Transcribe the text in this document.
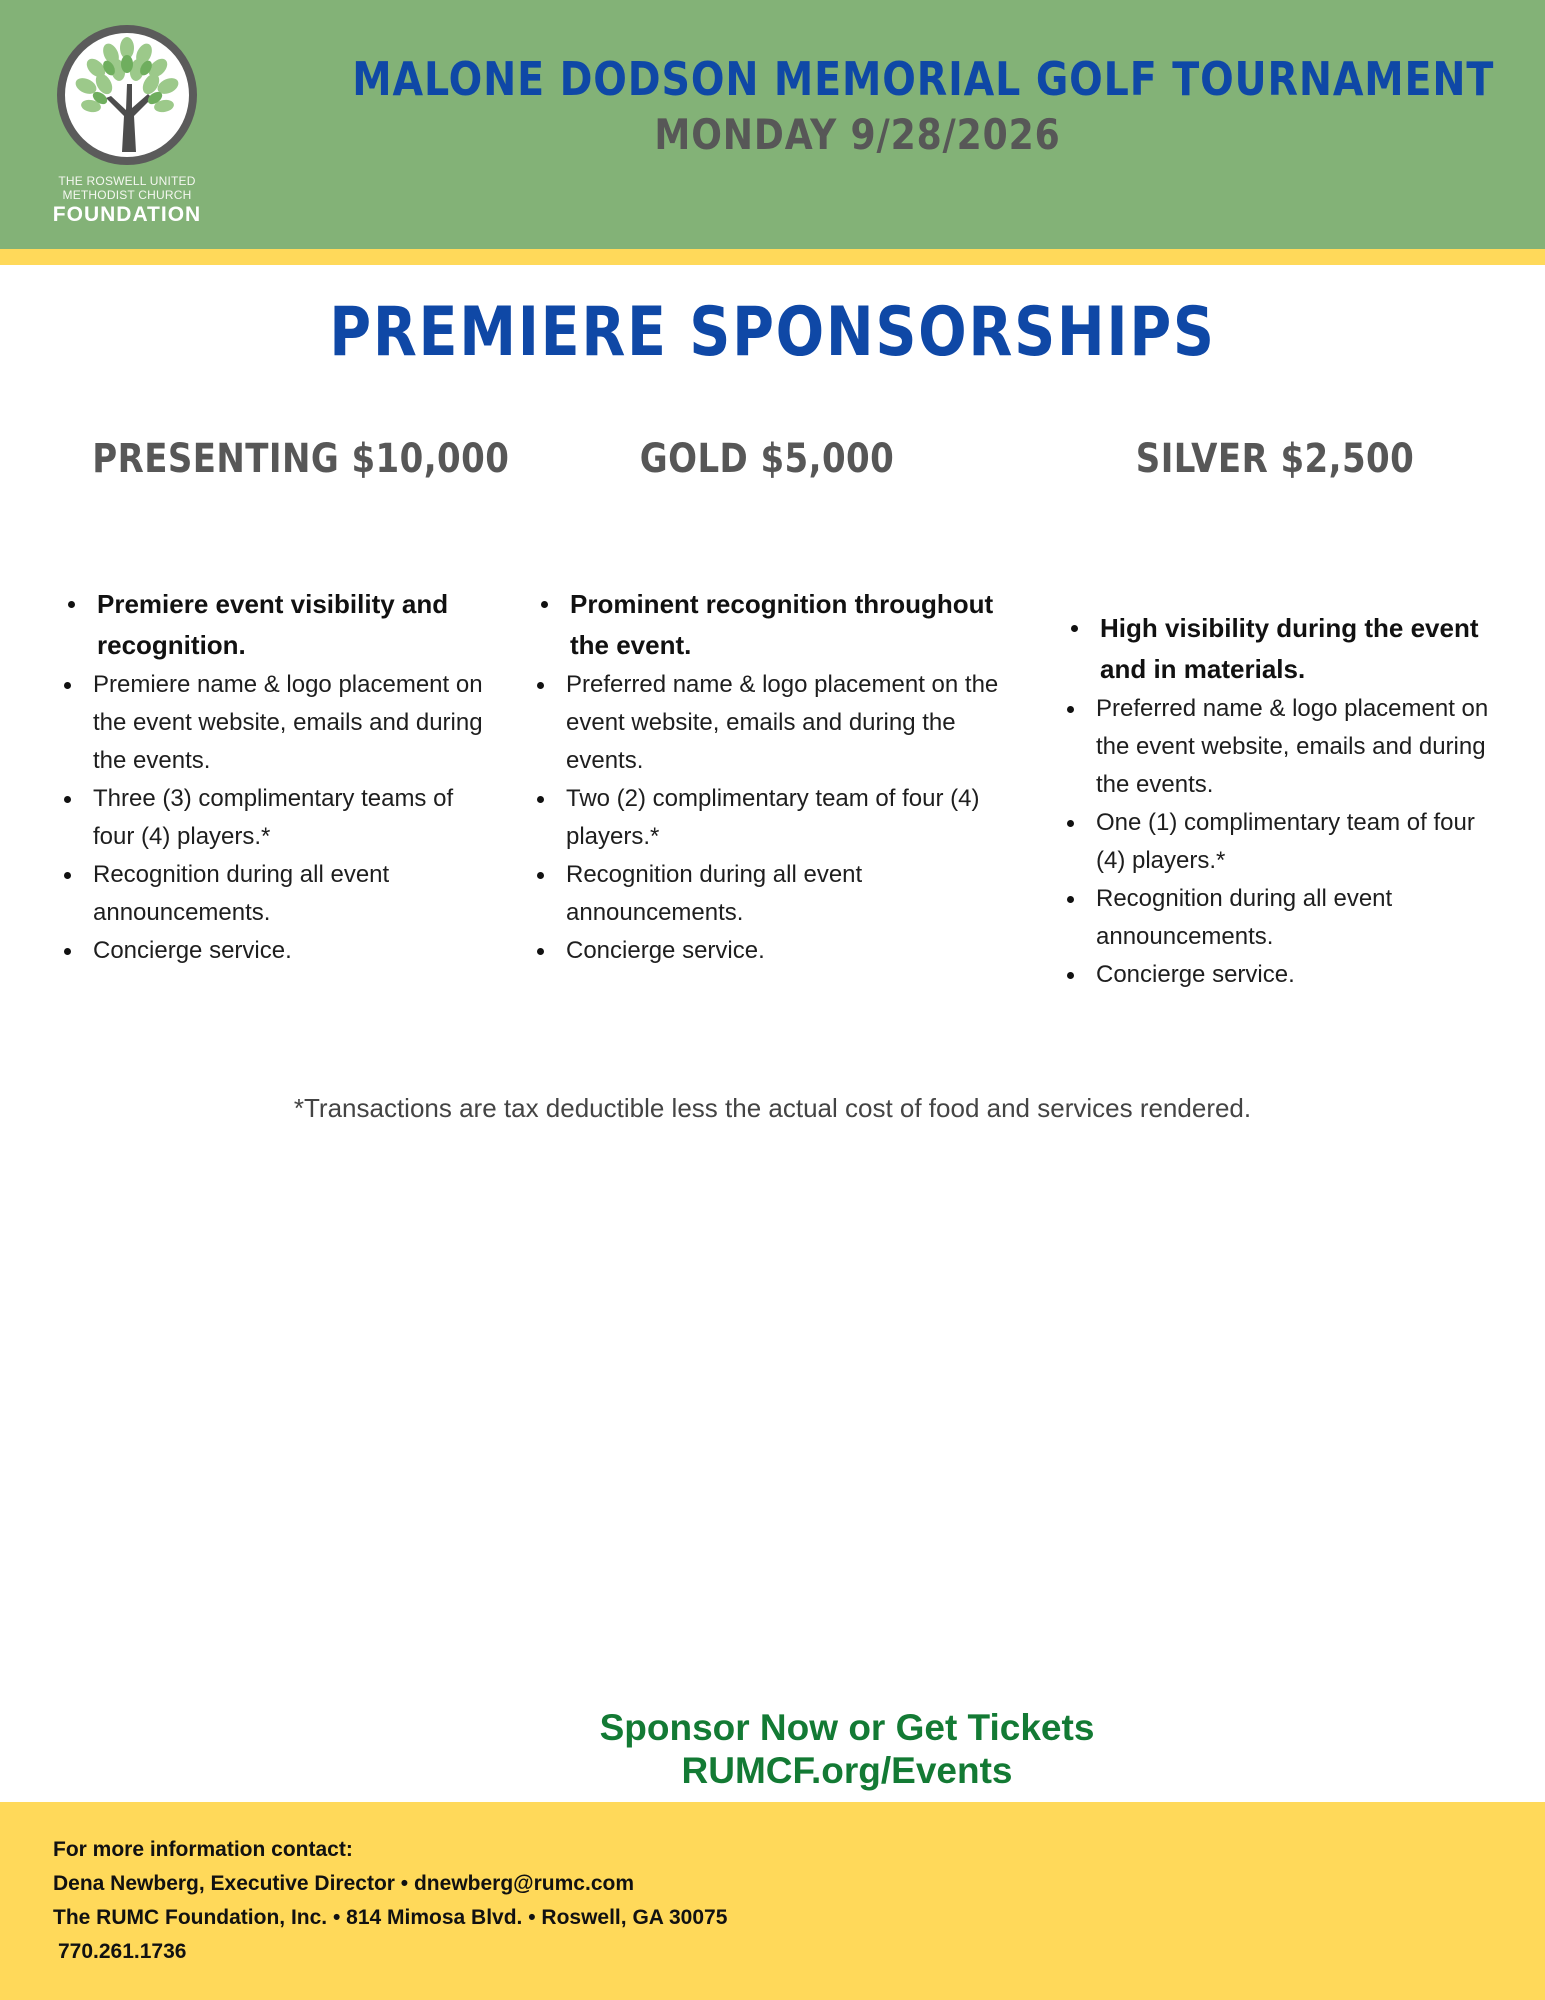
THE ROSWELL UNITED
METHODIST CHURCH
FOUNDATION
MALONE DODSON MEMORIAL GOLF TOURNAMENT
MONDAY 9/28/2026
PREMIERE SPONSORSHIPS
PRESENTING $10,000	GOLD $5,000	SILVER $2,500
Premiere event visibility and recognition.
Premiere name & logo placement on the event website, emails and during the events.
Three (3) complimentary teams of four (4) players.*
Recognition during all event announcements.
Concierge service.
Prominent recognition throughout the event.
Preferred name & logo placement on the event website, emails and during the events.
Two (2) complimentary team of four (4) players.*
Recognition during all event announcements.
Concierge service.
High visibility during the event and in materials.
Preferred name & logo placement on the event website, emails and during the events.
One (1) complimentary team of four (4) players.*
Recognition during all event announcements.
Concierge service.
*Transactions are tax deductible less the actual cost of food and services rendered.
Sponsor Now or Get Tickets
RUMCF.org/Events
For more information contact:
Dena Newberg, Executive Director • dnewberg@rumc.com
The RUMC Foundation, Inc. • 814 Mimosa Blvd. • Roswell, GA 30075
770.261.1736
